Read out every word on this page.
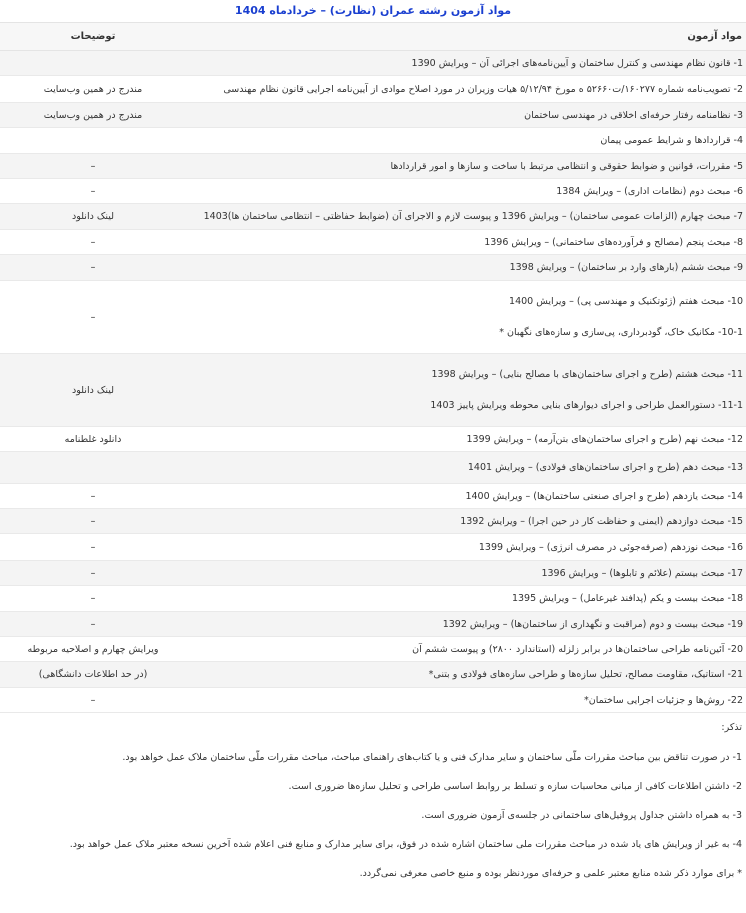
مواد آزمون رشته عمران (نظارت) – خردادماه 1404
مواد آزمون	توضیحات

1- قانون نظام مهندسی و کنترل ساختمان و آیین‌نامه‌های اجرائی آن – ویرایش 1390	

2- تصویب‌نامه شماره ۱۶۰۲۷۷/ت۵۲۶۶۰ ه مورخ ۵/۱۲/۹۴ هیات وزیران در مورد اصلاح موادی از آیین‌نامه اجرایی قانون نظام مهندسی	مندرج در همین وب‌سایت

3- نظامنامه رفتار حرفه‌ای اخلاقی در مهندسی ساختمان	مندرج در همین وب‌سایت

4- قراردادها و شرایط عمومی پیمان	

5- مقررات، قوانین و ضوابط حقوقی و انتظامی مرتبط با ساخت و سازها و امور قراردادها	–

6- مبحث دوم (نظامات اداری) – ویرایش 1384	–

7- مبحث چهارم (الزامات عمومی ساختمان) – ویرایش 1396 و پیوست لازم و الاجرای آن (ضوابط حفاظتی – انتظامی ساختمان ها)1403	لینک دانلود

8- مبحث پنجم (مصالح و فرآورده‌های ساختمانی) – ویرایش 1396	–

9- مبحث ششم (بارهای وارد بر ساختمان) – ویرایش 1398	–

10- مبحث هفتم (ژئوتکنیک و مهندسی پی) – ویرایش 1400
10-1- مکانیک خاک، گودبرداری، پی‌سازی و سازه‌های نگهبان *	–

11- مبحث هشتم (طرح و اجرای ساختمان‌های با مصالح بنایی) – ویرایش 1398
11-1- دستورالعمل طراحی و اجرای دیوارهای بنایی محوطه ویرایش پاییز 1403	لینک دانلود

12- مبحث نهم (طرح و اجرای ساختمان‌های بتن‌آرمه) – ویرایش 1399	دانلود غلطنامه

13- مبحث دهم (طرح و اجرای ساختمان‌های فولادی) – ویرایش 1401	

14- مبحث یازدهم (طرح و اجرای صنعتی ساختمان‌ها) – ویرایش 1400	–

15- مبحث دوازدهم (ایمنی و حفاظت کار در حین اجرا) – ویرایش 1392	–

16- مبحث نوزدهم (صرفه‌جوئی در مصرف انرژی) – ویرایش 1399	–

17- مبحث بیستم (علائم و تابلوها) – ویرایش 1396	–

18- مبحث بیست و یکم (پدافند غیرعامل) – ویرایش 1395	–

19- مبحث بیست و دوم (مراقبت و نگهداری از ساختمان‌ها) – ویرایش 1392	–

20- آئین‌نامه طراحی ساختمان‌ها در برابر زلزله (استاندارد ۲۸۰۰) و پیوست ششم آن	ویرایش چهارم و اصلاحیه مربوطه

21- استاتیک، مقاومت مصالح، تحلیل سازه‌ها و طراحی سازه‌های فولادی و بتنی*	(در حد اطلاعات دانشگاهی)

22- روش‌ها و جزئیات اجرایی ساختمان*	–
تذکر:
1- در صورت تناقض بین مباحث مقررات ملّی ساختمان و سایر مدارک فنی و یا کتاب‌های راهنمای مباحث، مباحث مقررات ملّی ساختمان ملاک عمل خواهد بود.
2- داشتن اطلاعات کافی از مبانی محاسبات سازه و تسلط بر روابط اساسی طراحی و تحلیل سازه‌ها ضروری است.
3- به همراه داشتن جداول پروفیل‌های ساختمانی در جلسه‌ی آزمون ضروری است.
4- به غیر از ویرایش های یاد شده در مباحث مقررات ملی ساختمان اشاره شده در فوق، برای سایر مدارک و منابع فنی اعلام شده آخرین نسخه معتبر ملاک عمل خواهد بود.
* برای موارد ذکر شده منابع معتبر علمی و حرفه‌ای موردنظر بوده و منبع خاصی معرفی نمی‌گردد.
